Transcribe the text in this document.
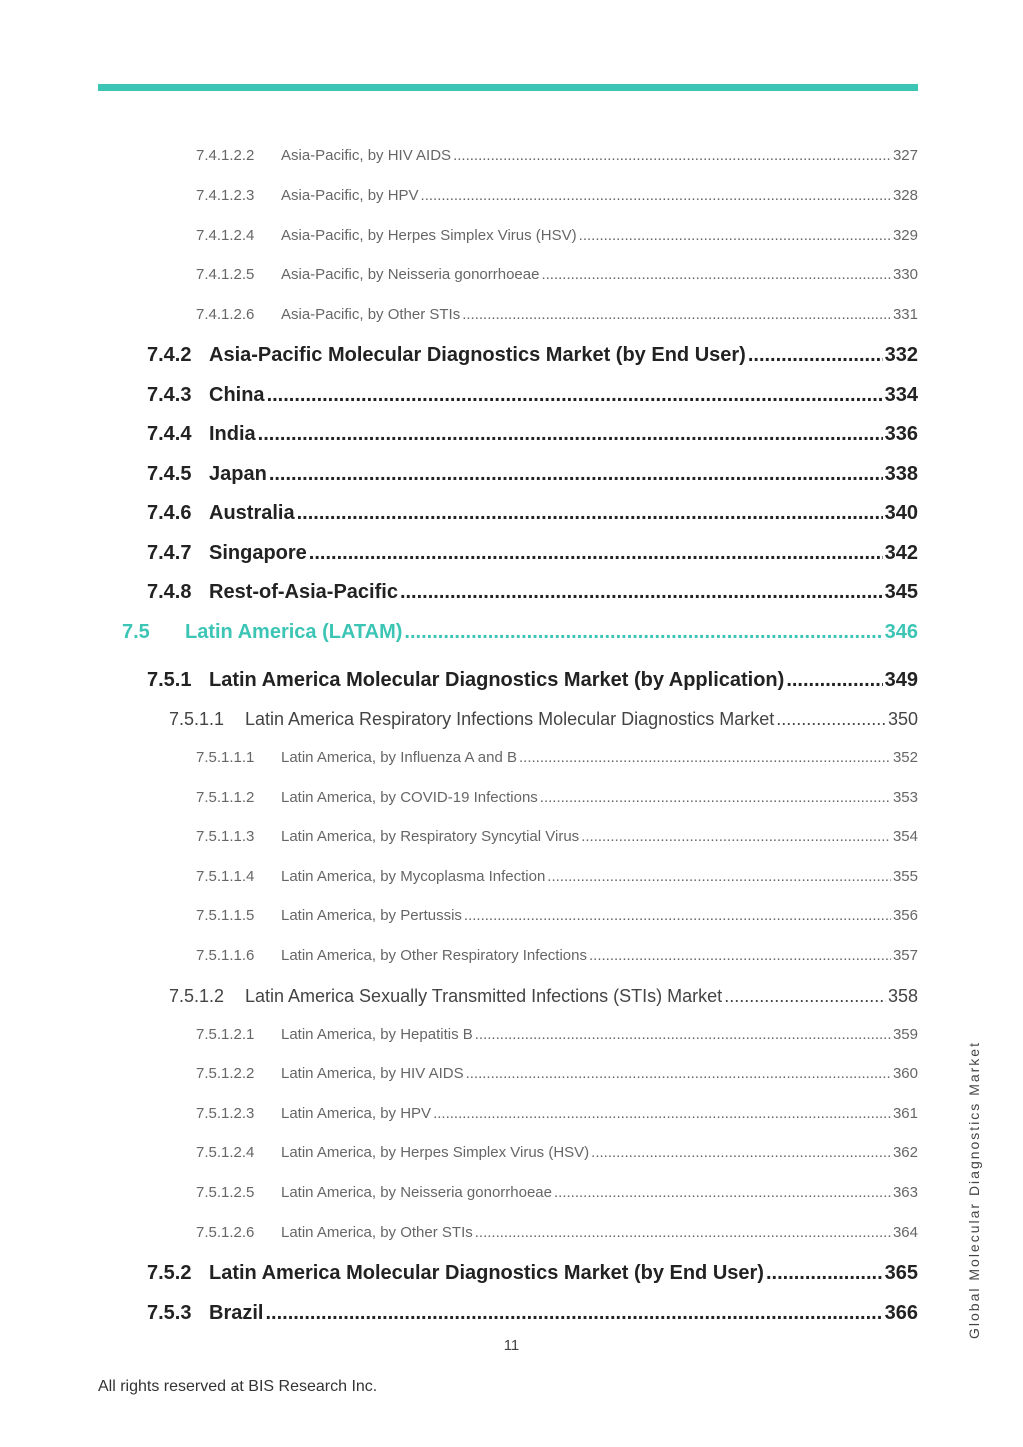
7.4.1.2.2	Asia-Pacific, by HIV AIDS .....	327
7.4.1.2.3	Asia-Pacific, by HPV .....	328
7.4.1.2.4	Asia-Pacific, by Herpes Simplex Virus (HSV) .....	329
7.4.1.2.5	Asia-Pacific, by Neisseria gonorrhoeae .....	330
7.4.1.2.6	Asia-Pacific, by Other STIs .....	331
7.4.2 Asia-Pacific Molecular Diagnostics Market (by End User) .....	332
7.4.3 China .....	334
7.4.4 India .....	336
7.4.5 Japan .....	338
7.4.6 Australia .....	340
7.4.7 Singapore .....	342
7.4.8 Rest-of-Asia-Pacific .....	345
7.5	Latin America (LATAM) .....	346
7.5.1 Latin America Molecular Diagnostics Market (by Application) .....	349
7.5.1.1	Latin America Respiratory Infections Molecular Diagnostics Market .....	350
7.5.1.1.1	Latin America, by Influenza A and B .....	352
7.5.1.1.2	Latin America, by COVID-19 Infections .....	353
7.5.1.1.3	Latin America, by Respiratory Syncytial Virus .....	354
7.5.1.1.4	Latin America, by Mycoplasma Infection .....	355
7.5.1.1.5	Latin America, by Pertussis .....	356
7.5.1.1.6	Latin America, by Other Respiratory Infections .....	357
7.5.1.2	Latin America Sexually Transmitted Infections (STIs) Market .....	358
7.5.1.2.1	Latin America, by Hepatitis B .....	359
7.5.1.2.2	Latin America, by HIV AIDS .....	360
7.5.1.2.3	Latin America, by HPV .....	361
7.5.1.2.4	Latin America, by Herpes Simplex Virus (HSV) .....	362
7.5.1.2.5	Latin America, by Neisseria gonorrhoeae .....	363
7.5.1.2.6	Latin America, by Other STIs .....	364
7.5.2 Latin America Molecular Diagnostics Market (by End User) .....	365
7.5.3 Brazil .....	366
11
All rights reserved at BIS Research Inc.
Global Molecular Diagnostics Market
